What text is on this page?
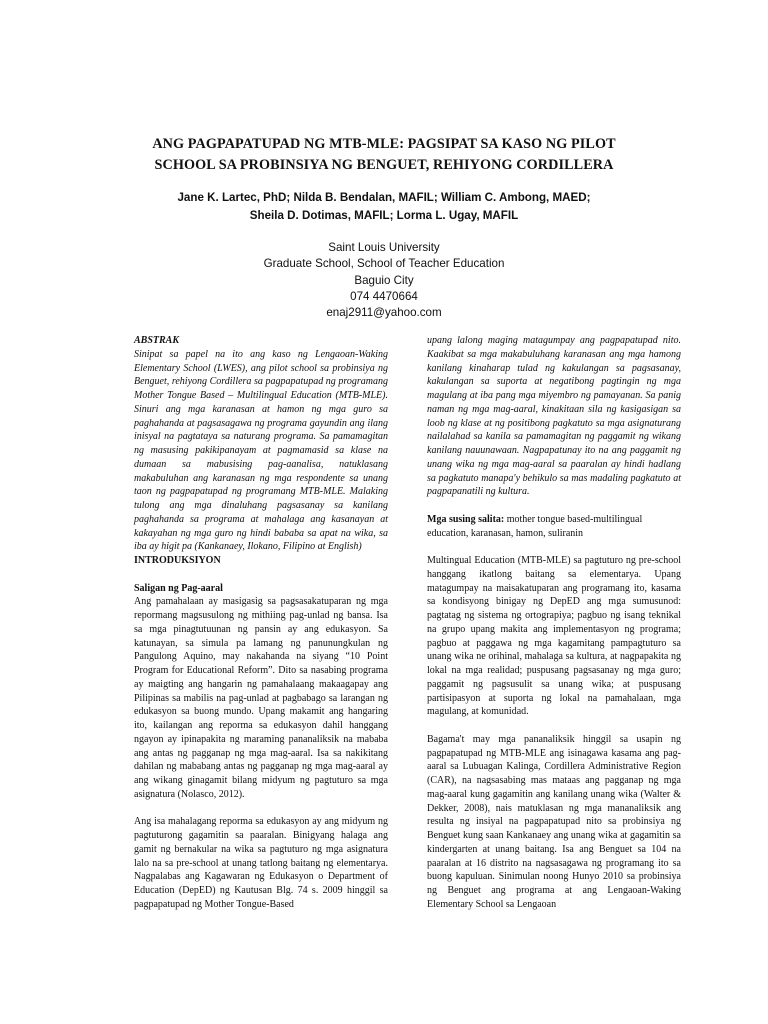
ANG PAGPAPATUPAD NG MTB-MLE: PAGSIPAT SA KASO NG PILOT
SCHOOL SA PROBINSIYA NG BENGUET, REHIYONG CORDILLERA
Jane K. Lartec, PhD; Nilda B. Bendalan, MAFIL; William C. Ambong, MAED;
Sheila D. Dotimas, MAFIL; Lorma L. Ugay, MAFIL
Saint Louis University
Graduate School, School of Teacher Education
Baguio City
074 4470664
enaj2911@yahoo.com

ABSTRAK

Sinipat sa papel na ito ang kaso ng Lengaoan-Waking Elementary School (LWES), ang pilot school sa probinsiya ng Benguet, rehiyong Cordillera sa pagpapatupad ng programang Mother Tongue Based – Multilingual Education (MTB-MLE). Sinuri ang mga karanasan at hamon ng mga guro sa paghahanda at pagsasagawa ng programa gayundin ang ilang inisyal na pagtataya sa naturang programa. Sa pamamagitan ng masusing pakikipanayam at pagmamasid sa klase na dumaan sa mabusising pag-aanalisa, natuklasang makabuluhan ang karanasan ng mga respondente sa unang taon ng pagpapatupad ng programang MTB-MLE. Malaking tulong ang mga dinaluhang pagsasanay sa kanilang paghahanda sa programa at mahalaga ang kasanayan at kakayahan ng mga guro ng hindi bababa sa apat na wika, sa iba ay higit pa (Kankanaey, Ilokano, Filipino at English)

INTRODUKSIYON

Saligan ng Pag-aaral

Ang pamahalaan ay masigasig sa pagsasakatuparan ng mga repormang magsusulong ng mithiing pag-unlad ng bansa. Isa sa mga pinagtutuunan ng pansin ay ang edukasyon. Sa katunayan, sa simula pa lamang ng panunungkulan ng Pangulong Aquino, may nakahanda na siyang “10 Point Program for Educational Reform”. Dito sa nasabing programa ay maigting ang hangarin ng pamahalaang makaagapay ang Pilipinas sa mabilis na pag-unlad at pagbabago sa larangan ng edukasyon sa buong mundo. Upang makamit ang hangaring ito, kailangan ang reporma sa edukasyon dahil hanggang ngayon ay ipinapakita ng maraming pananaliksik na mababa ang antas ng pagganap ng mga mag-aaral. Isa sa nakikitang dahilan ng mababang antas ng pagganap ng mga mag-aaral ay ang wikang ginagamit bilang midyum ng pagtuturo sa mga asignatura (Nolasco, 2012).

Ang isa mahalagang reporma sa edukasyon ay ang midyum ng pagtuturong gagamitin sa paaralan. Binigyang halaga ang gamit ng bernakular na wika sa pagtuturo ng mga asignatura lalo na sa pre-school at unang tatlong baitang ng elementarya. Nagpalabas ang Kagawaran ng Edukasyon o Department of Education (DepED) ng Kautusan Blg. 74 s. 2009 hinggil sa pagpapatupad ng Mother Tongue-Based

upang lalong maging matagumpay ang pagpapatupad nito. Kaakibat sa mga makabuluhang karanasan ang mga hamong kanilang kinaharap tulad ng kakulangan sa pagsasanay, kakulangan sa suporta at negatibong pagtingin ng mga magulang at iba pang mga miyembro ng pamayanan. Sa panig naman ng mga mag-aaral, kinakitaan sila ng kasigasigan sa loob ng klase at ng positibong pagkatuto sa mga asignaturang nailalahad sa kanila sa pamamagitan ng paggamit ng wikang kanilang nauunawaan. Nagpapatunay ito na ang paggamit ng unang wika ng mga mag-aaral sa paaralan ay hindi hadlang sa pagkatuto manapa'y behikulo sa mas madaling pagkatuto at pagpapanatili ng kultura.

Mga susing salita: mother tongue based-multilingual education, karanasan, hamon, suliranin

Multingual Education (MTB-MLE) sa pagtuturo ng pre-school hanggang ikatlong baitang sa elementarya. Upang matagumpay na maisakatuparan ang programang ito, kasama sa kondisyong binigay ng DepED ang mga sumusunod: pagtatag ng sistema ng ortograpiya; pagbuo ng isang teknikal na grupo upang makita ang implementasyon ng programa; pagbuo at paggawa ng mga kagamitang pampagtuturo sa unang wika ne orihinal, mahalaga sa kultura, at nagpapakita ng lokal na mga realidad; puspusang pagsasanay ng mga guro; paggamit ng pagsusulit sa unang wika; at puspusang partisipasyon at suporta ng lokal na pamahalaan, mga magulang, at komunidad.

Bagama't may mga pananaliksik hinggil sa usapin ng pagpapatupad ng MTB-MLE ang isinagawa kasama ang pag-aaral sa Lubuagan Kalinga, Cordillera Administrative Region (CAR), na nagsasabing mas mataas ang pagganap ng mga mag-aaral kung gagamitin ang kanilang unang wika (Walter & Dekker, 2008), nais matuklasan ng mga mananaliksik ang resulta ng insiyal na pagpapatupad nito sa probinsiya ng Benguet kung saan Kankanaey ang unang wika at gagamitin sa kindergarten at unang baitang. Isa ang Benguet sa 104 na paaralan at 16 distrito na nagsasagawa ng programang ito sa buong kapuluan. Sinimulan noong Hunyo 2010 sa probinsiya ng Benguet ang programa at ang Lengaoan-Waking Elementary School sa Lengaoan
